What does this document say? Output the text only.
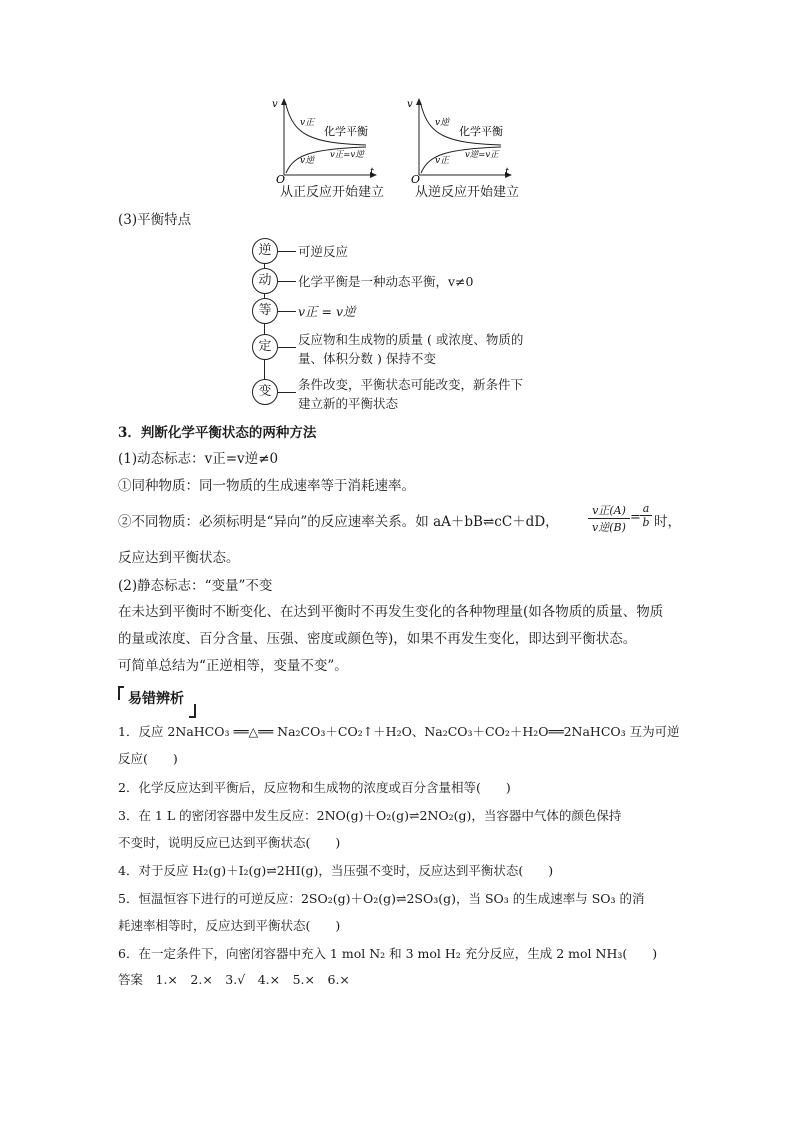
v
t
O
v正
v逆
化学平衡
v正=v逆
从正反应开始建立
v
t
O
v逆
v正
化学平衡
v逆=v正
从逆反应开始建立
(3)平衡特点
逆	可逆反应
动	化学平衡是一种动态平衡，v≠0
等	v正 = v逆
定	反应物和生成物的质量 ( 或浓度、物质的
量、体积分数 ) 保持不变
变	条件改变，平衡状态可能改变，新条件下
建立新的平衡状态
3．判断化学平衡状态的两种方法
(1)动态标志：v正=v逆≠0
①同种物质：同一物质的生成速率等于消耗速率。
②不同物质：必须标明是“异向”的反应速率关系。如 aA＋bB⇌cC＋dD，
v正(A)
v逆(B)
=
a
b 时，
反应达到平衡状态。
(2)静态标志：“变量”不变
在未达到平衡时不断变化、在达到平衡时不再发生变化的各种物理量(如各物质的质量、物质
的量或浓度、百分含量、压强、密度或颜色等)，如果不再发生变化，即达到平衡状态。
可简单总结为“正逆相等，变量不变”。
易错辨析
1．反应 2NaHCO₃ ══△══ Na₂CO₃＋CO₂↑＋H₂O、Na₂CO₃＋CO₂＋H₂O══2NaHCO₃ 互为可逆
反应(　　)
2．化学反应达到平衡后，反应物和生成物的浓度或百分含量相等(　　)
3．在 1 L 的密闭容器中发生反应：2NO(g)＋O₂(g)⇌2NO₂(g)，当容器中气体的颜色保持
不变时，说明反应已达到平衡状态(　　)
4．对于反应 H₂(g)＋I₂(g)⇌2HI(g)，当压强不变时，反应达到平衡状态(　　)
5．恒温恒容下进行的可逆反应：2SO₂(g)＋O₂(g)⇌2SO₃(g)，当 SO₃ 的生成速率与 SO₃ 的消
耗速率相等时，反应达到平衡状态(　　)
6．在一定条件下，向密闭容器中充入 1 mol N₂ 和 3 mol H₂ 充分反应，生成 2 mol NH₃(　　)
答案　1.×　2.×　3.√　4.×　5.×　6.×
